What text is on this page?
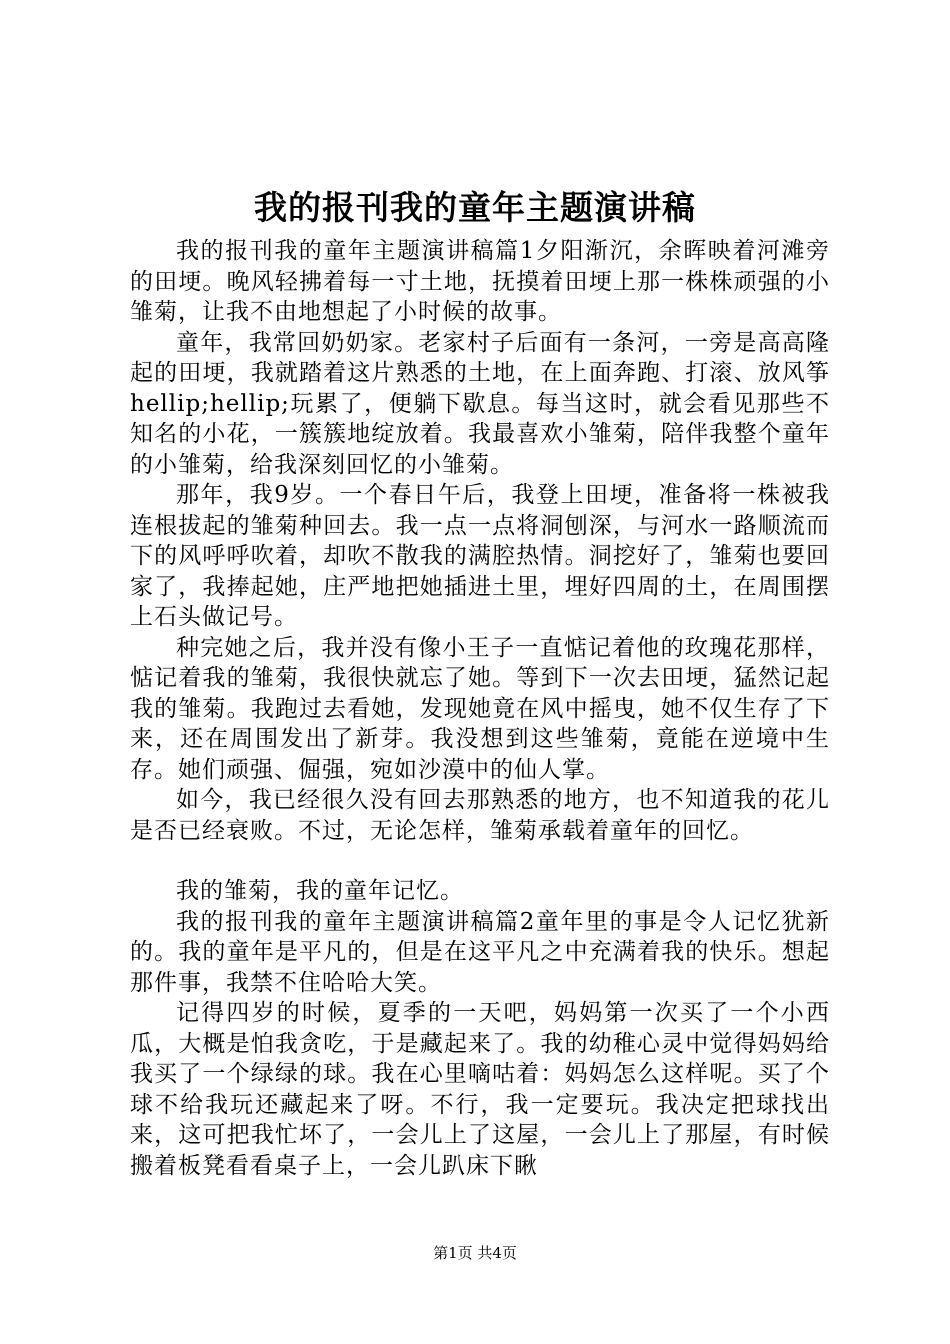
我的报刊我的童年主题演讲稿

我的报刊我的童年主题演讲稿篇1夕阳渐沉，余晖映着河滩旁的田埂。晚风轻拂着每一寸土地，抚摸着田埂上那一株株顽强的小雏菊，让我不由地想起了小时候的故事。

童年，我常回奶奶家。老家村子后面有一条河，一旁是高高隆起的田埂，我就踏着这片熟悉的土地，在上面奔跑、打滚、放风筝hellip;hellip;玩累了，便躺下歇息。每当这时，就会看见那些不知名的小花，一簇簇地绽放着。我最喜欢小雏菊，陪伴我整个童年的小雏菊，给我深刻回忆的小雏菊。

那年，我9岁。一个春日午后，我登上田埂，准备将一株被我连根拔起的雏菊种回去。我一点一点将洞刨深，与河水一路顺流而下的风呼呼吹着，却吹不散我的满腔热情。洞挖好了，雏菊也要回家了，我捧起她，庄严地把她插进土里，埋好四周的土，在周围摆上石头做记号。

种完她之后，我并没有像小王子一直惦记着他的玫瑰花那样，惦记着我的雏菊，我很快就忘了她。等到下一次去田埂，猛然记起我的雏菊。我跑过去看她，发现她竟在风中摇曳，她不仅生存了下来，还在周围发出了新芽。我没想到这些雏菊，竟能在逆境中生存。她们顽强、倔强，宛如沙漠中的仙人掌。

如今，我已经很久没有回去那熟悉的地方，也不知道我的花儿是否已经衰败。不过，无论怎样，雏菊承载着童年的回忆。

我的雏菊，我的童年记忆。

我的报刊我的童年主题演讲稿篇2童年里的事是令人记忆犹新的。我的童年是平凡的，但是在这平凡之中充满着我的快乐。想起那件事，我禁不住哈哈大笑。

记得四岁的时候，夏季的一天吧，妈妈第一次买了一个小西瓜，大概是怕我贪吃，于是藏起来了。我的幼稚心灵中觉得妈妈给我买了一个绿绿的球。我在心里嘀咕着：妈妈怎么这样呢。买了个球不给我玩还藏起来了呀。不行，我一定要玩。我决定把球找出来，这可把我忙坏了，一会儿上了这屋，一会儿上了那屋，有时候搬着板凳看看桌子上，一会儿趴床下瞅

第1页 共4页
